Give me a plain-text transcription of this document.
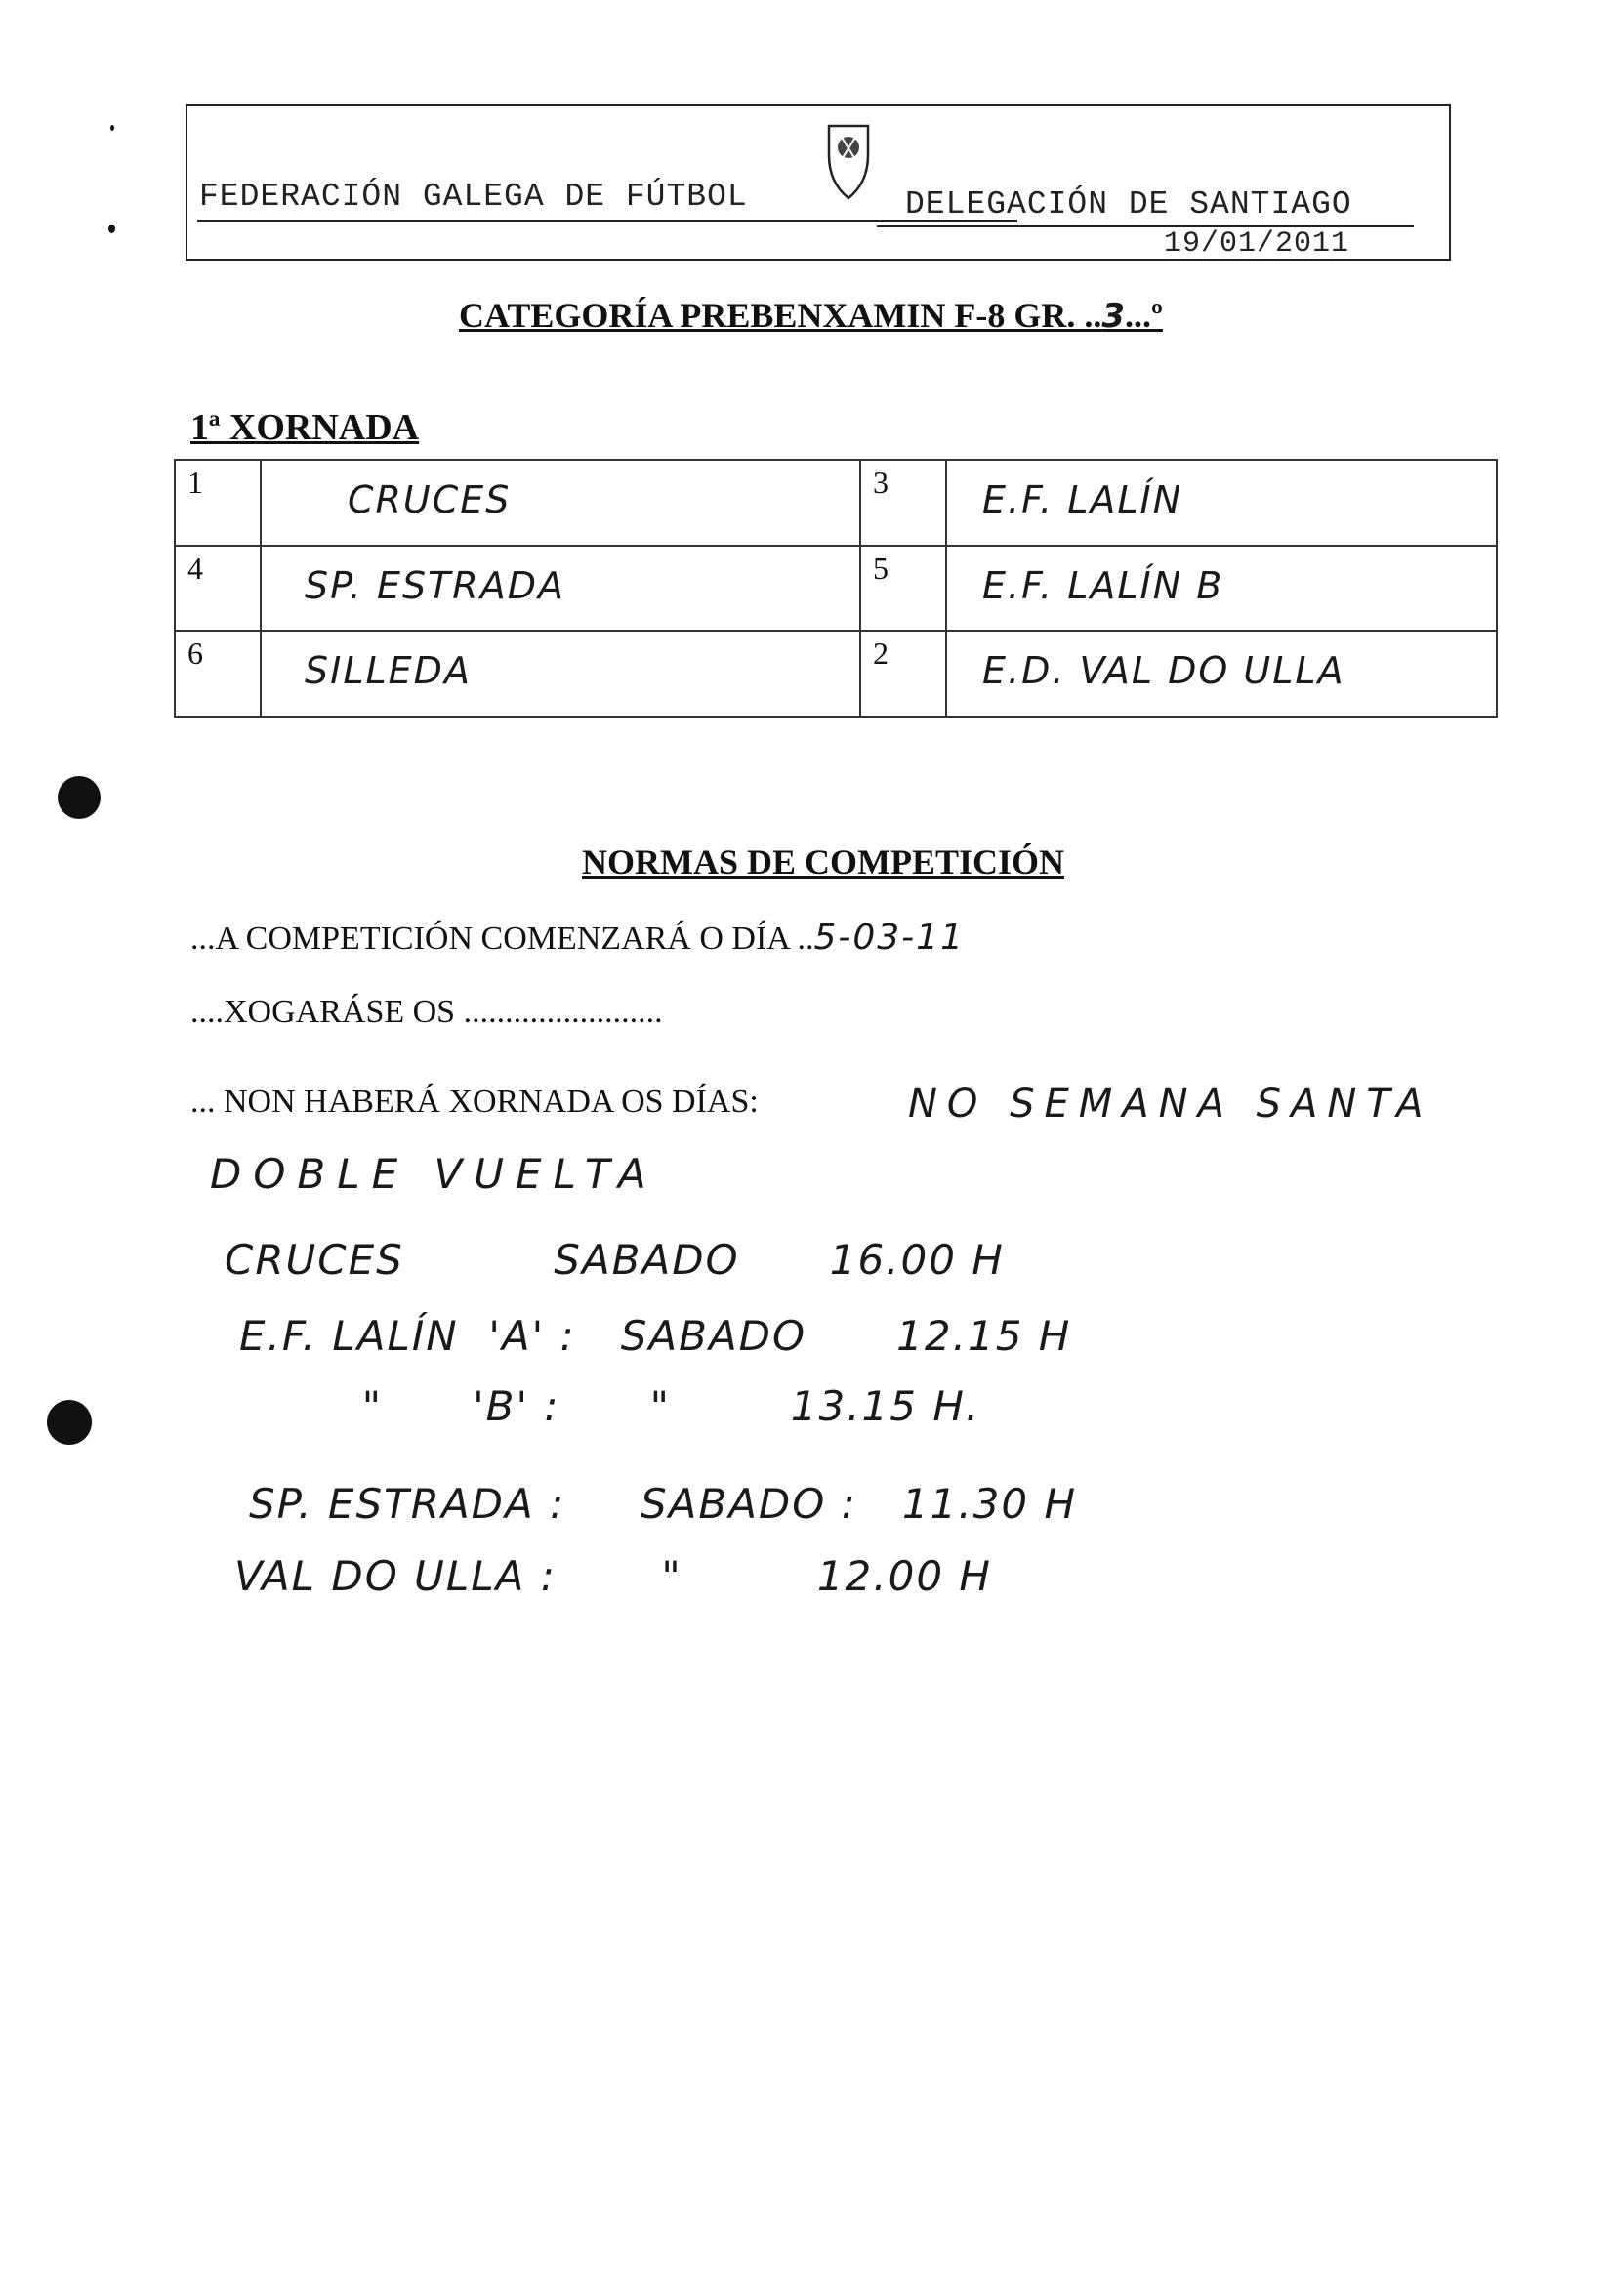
FEDERACIÓN GALEGA DE FÚTBOL	DELEGACIÓN DE SANTIAGO
19/01/2011
CATEGORÍA PREBENXAMIN F-8 GR. ..3...º
1ª XORNADA
1	CRUCES	3	E.F. LALÍN

4	SP. ESTRADA	5	E.F. LALÍN B

6	SILLEDA	2	E.D. VAL DO ULLA
NORMAS DE COMPETICIÓN
...A COMPETICIÓN COMENZARÁ O DÍA ..5-03-11
....XOGARÁSE OS ........................
... NON HABERÁ XORNADA OS DÍAS:	NO SEMANA SANTA
DOBLE VUELTA
CRUCES          SABADO      16.00 H
E.F. LALÍN  'A' :   SABADO      12.15 H
"      'B' :      "        13.15 H.
SP. ESTRADA :     SABADO :   11.30 H
VAL DO ULLA :       "         12.00 H
